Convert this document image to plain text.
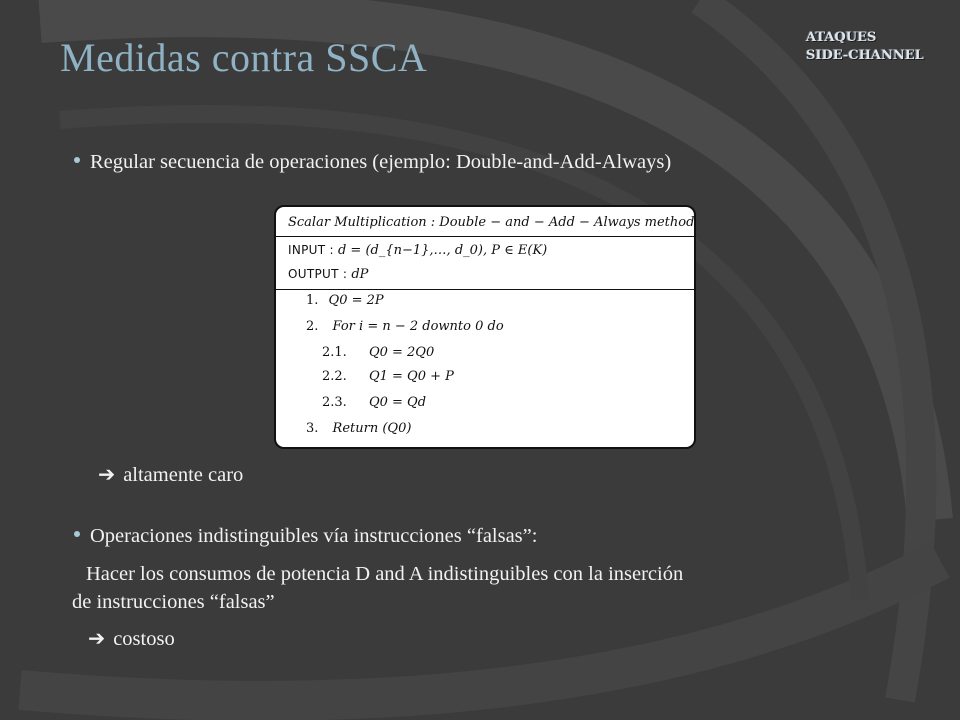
Medidas contra SSCA	ATAQUES
SIDE-CHANNEL
Regular secuencia de operaciones (ejemplo: Double-and-Add-Always)
Scalar Multiplication : Double − and − Add − Always method
INPUT : d = (d_{n−1},…, d_0), P ∈ E(K)
OUTPUT : dP
1. Q0 = 2P
2. For i = n − 2 downto 0 do
2.1. Q0 = 2Q0
2.2. Q1 = Q0 + P
2.3. Q0 = Qd
3. Return (Q0)
➔ altamente caro
Operaciones indistinguibles vía instrucciones “falsas”:
Hacer los consumos de potencia D and A indistinguibles con la inserción
de instrucciones “falsas”
➔ costoso
